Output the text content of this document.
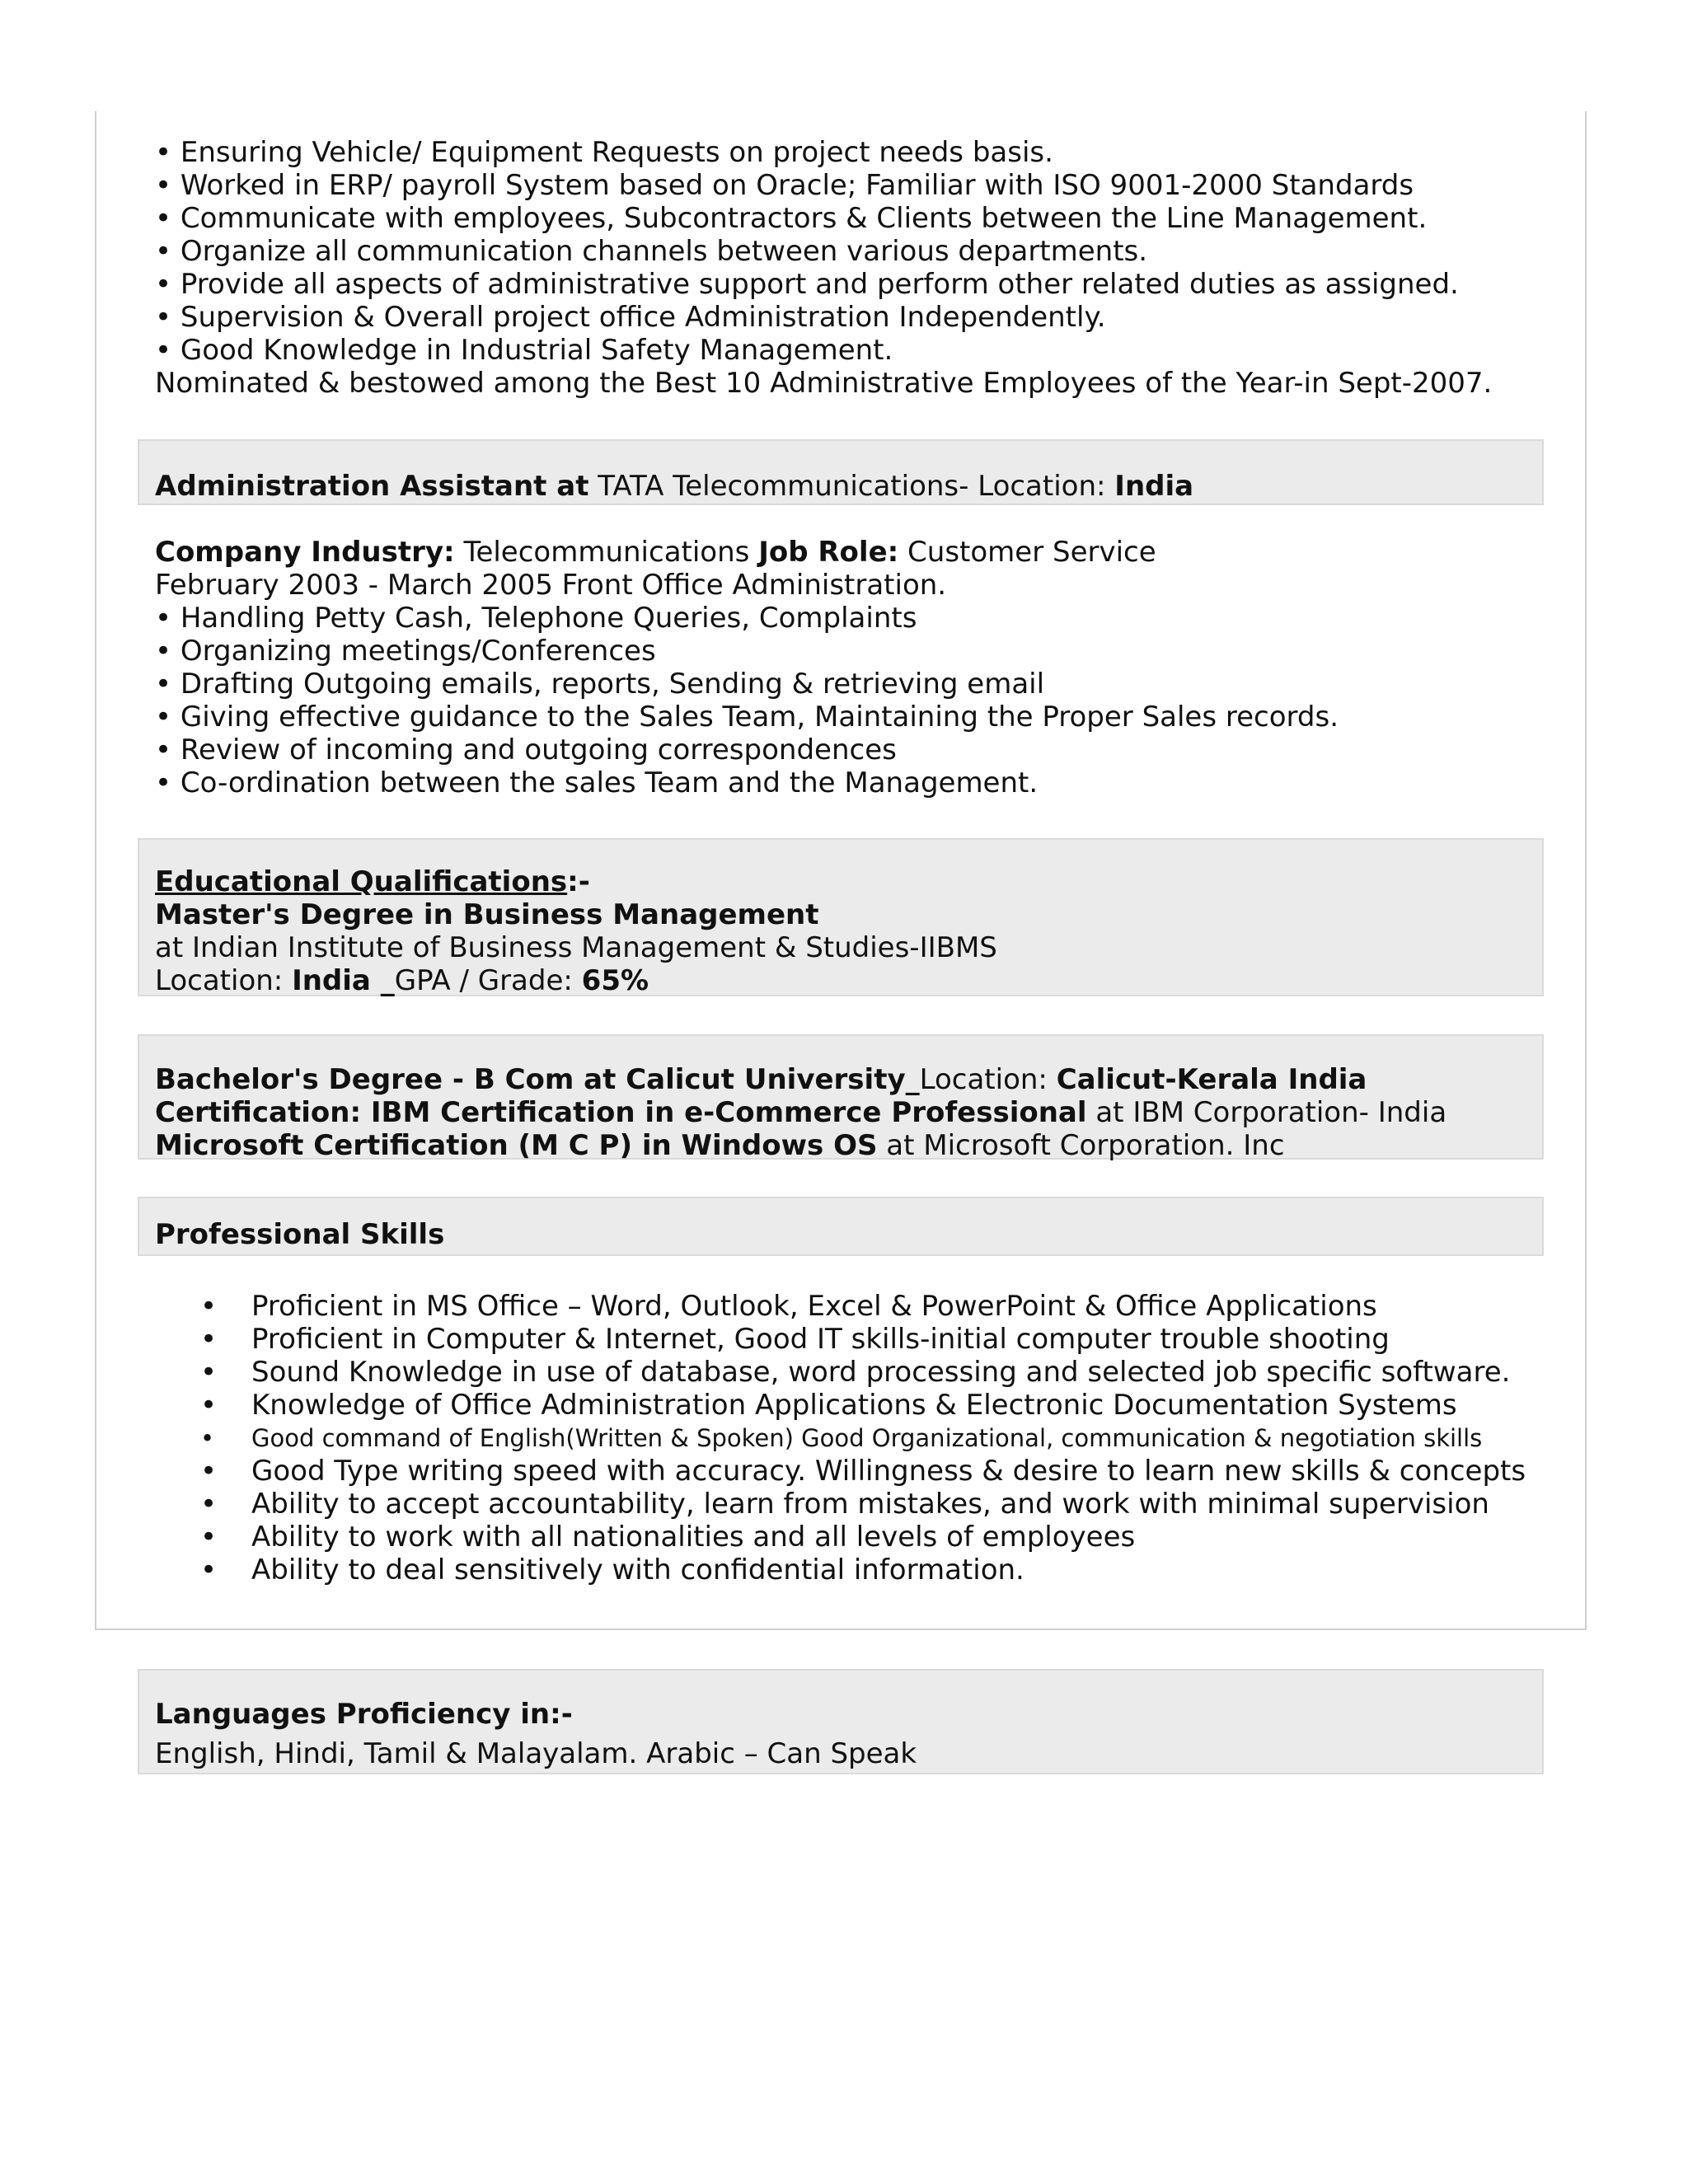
• Ensuring Vehicle/ Equipment Requests on project needs basis.
• Worked in ERP/ payroll System based on Oracle; Familiar with ISO 9001-2000 Standards
• Communicate with employees, Subcontractors & Clients between the Line Management.
• Organize all communication channels between various departments.
• Provide all aspects of administrative support and perform other related duties as assigned.
• Supervision & Overall project office Administration Independently.
• Good Knowledge in Industrial Safety Management.
Nominated & bestowed among the Best 10 Administrative Employees of the Year-in Sept-2007.
Administration Assistant at TATA Telecommunications- Location: India
Company Industry: Telecommunications Job Role: Customer Service
February 2003 - March 2005 Front Office Administration.
• Handling Petty Cash, Telephone Queries, Complaints
• Organizing meetings/Conferences
• Drafting Outgoing emails, reports, Sending & retrieving email
• Giving effective guidance to the Sales Team, Maintaining the Proper Sales records.
• Review of incoming and outgoing correspondences
• Co-ordination between the sales Team and the Management.
Educational Qualifications:-
Master's Degree in Business Management
at Indian Institute of Business Management & Studies-IIBMS
Location: India _GPA / Grade: 65%
Bachelor's Degree - B Com at Calicut University_Location: Calicut-Kerala India
Certification: IBM Certification in e-Commerce Professional at IBM Corporation- India
Microsoft Certification (M C P) in Windows OS at Microsoft Corporation. Inc
Professional Skills
• Proficient in MS Office – Word, Outlook, Excel & PowerPoint & Office Applications
• Proficient in Computer & Internet, Good IT skills-initial computer trouble shooting
• Sound Knowledge in use of database, word processing and selected job specific software.
• Knowledge of Office Administration Applications & Electronic Documentation Systems
• Good command of English(Written & Spoken) Good Organizational, communication & negotiation skills
• Good Type writing speed with accuracy. Willingness & desire to learn new skills & concepts
• Ability to accept accountability, learn from mistakes, and work with minimal supervision
• Ability to work with all nationalities and all levels of employees
• Ability to deal sensitively with confidential information.
Languages Proficiency in:-
English, Hindi, Tamil & Malayalam. Arabic – Can Speak
